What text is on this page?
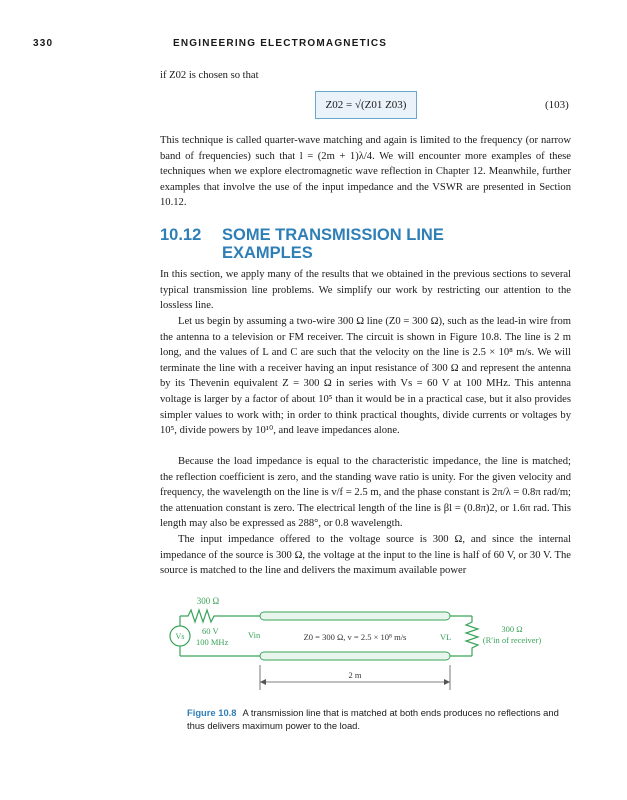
330	ENGINEERING ELECTROMAGNETICS

if Z02 is chosen so that

Z02 = √(Z01 Z03)	(103)

This technique is called quarter-wave matching and again is limited to the frequency (or narrow band of frequencies) such that l = (2m + 1)λ/4. We will encounter more examples of these techniques when we explore electromagnetic wave reflection in Chapter 12. Meanwhile, further examples that involve the use of the input impedance and the VSWR are presented in Section 10.12.

10.12 SOME TRANSMISSION LINE
EXAMPLES

In this section, we apply many of the results that we obtained in the previous sections to several typical transmission line problems. We simplify our work by restricting our attention to the lossless line.

Let us begin by assuming a two-wire 300 Ω line (Z0 = 300 Ω), such as the lead-in wire from the antenna to a television or FM receiver. The circuit is shown in Figure 10.8. The line is 2 m long, and the values of L and C are such that the velocity on the line is 2.5 × 10⁸ m/s. We will terminate the line with a receiver having an input resistance of 300 Ω and represent the antenna by its Thevenin equivalent Z = 300 Ω in series with Vs = 60 V at 100 MHz. This antenna voltage is larger by a factor of about 10⁵ than it would be in a practical case, but it also provides simpler values to work with; in order to think practical thoughts, divide currents or voltages by 10⁵, divide powers by 10¹⁰, and leave impedances alone.

Because the load impedance is equal to the characteristic impedance, the line is matched; the reflection coefficient is zero, and the standing wave ratio is unity. For the given velocity and frequency, the wavelength on the line is v/f = 2.5 m, and the phase constant is 2π/λ = 0.8π rad/m; the attenuation constant is zero. The electrical length of the line is βl = (0.8π)2, or 1.6π rad. This length may also be expressed as 288°, or 0.8 wavelength.

The input impedance offered to the voltage source is 300 Ω, and since the internal impedance of the source is 300 Ω, the voltage at the input to the line is half of 60 V, or 30 V. The source is matched to the line and delivers the maximum available power

300 Ω
Vs
60 V
100 MHz
Vin	Z0 = 300 Ω, v = 2.5 × 10⁸ m/s	VL
300 Ω
(R′in of receiver)
2 m
Figure 10.8 A transmission line that is matched at both ends produces no reflections and thus delivers maximum power to the load.
